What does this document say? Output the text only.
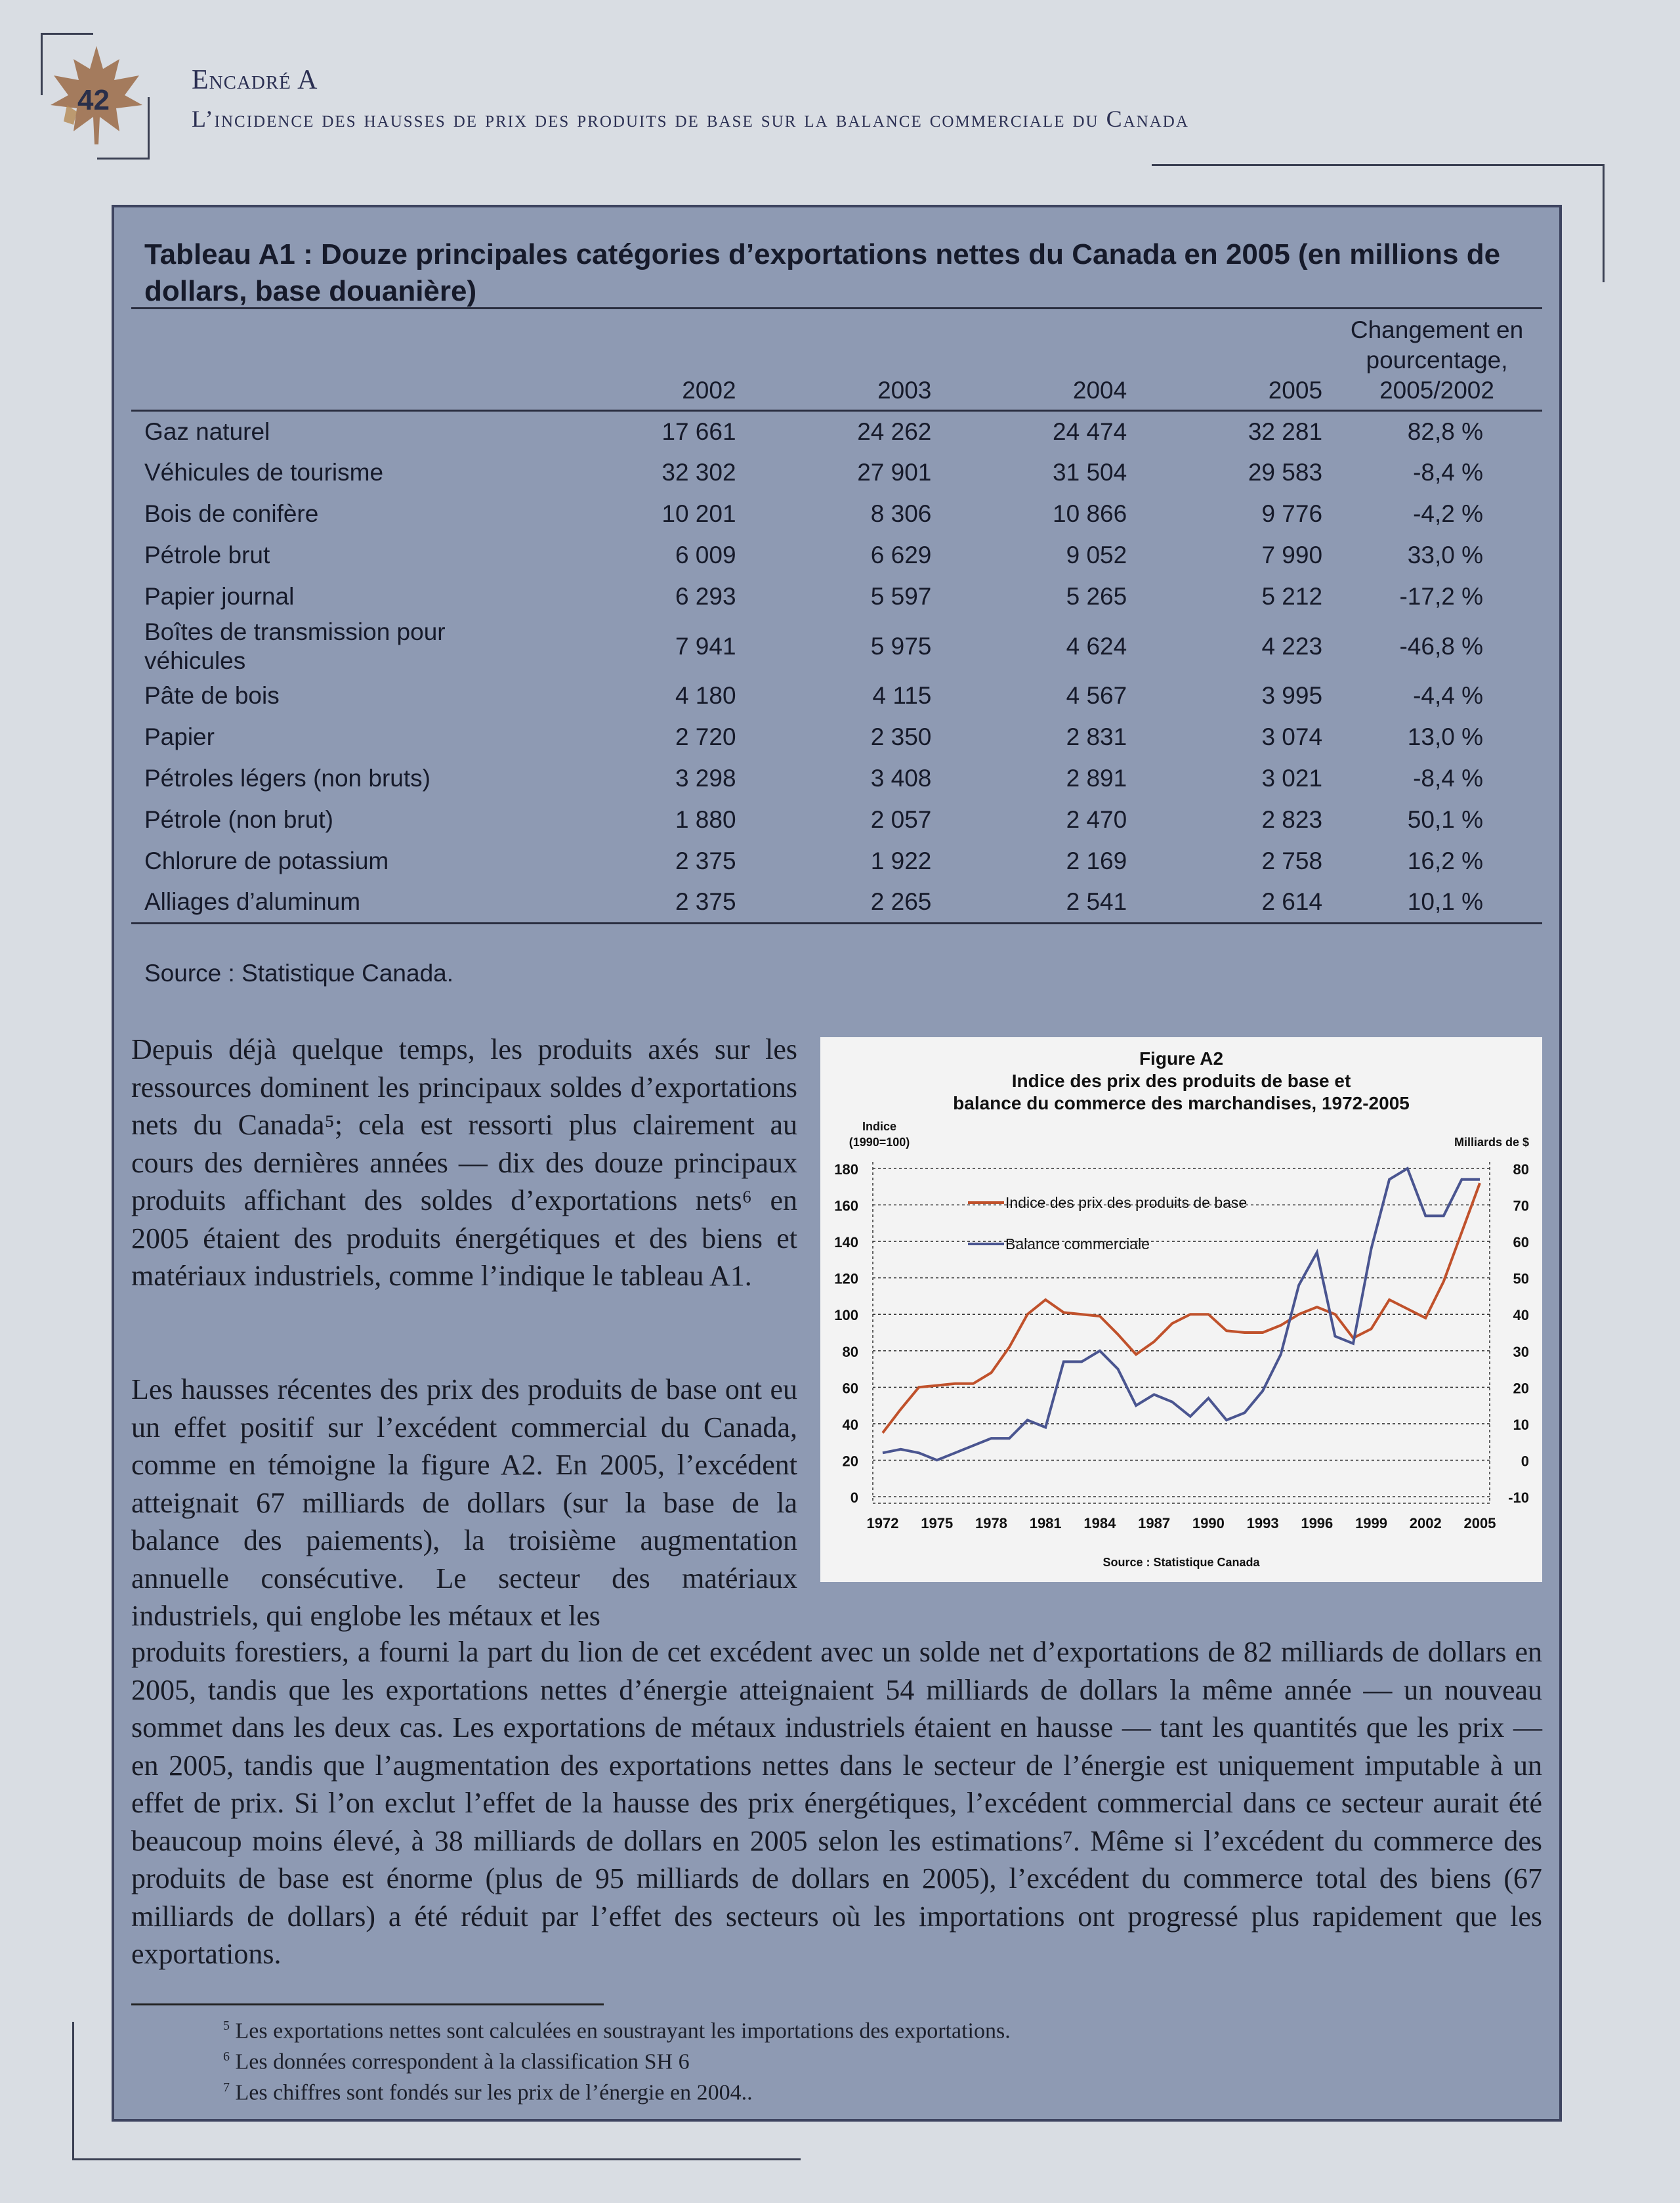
42
Encadré A
L’incidence des hausses de prix des produits de base sur la balance commerciale du Canada
Tableau A1 : Douze principales catégories d’exportations nettes du Canada en 2005 (en millions de dollars, base douanière)
	2002	2003	2004	2005	Changement en pourcentage, 2005/2002
Gaz naturel	17 661	24 262	24 474	32 281	82,8 %
Véhicules de tourisme	32 302	27 901	31 504	29 583	-8,4 %
Bois de conifère	10 201	8 306	10 866	9 776	-4,2 %
Pétrole brut	6 009	6 629	9 052	7 990	33,0 %
Papier journal	6 293	5 597	5 265	5 212	-17,2 %
Boîtes de transmission pour véhicules	7 941	5 975	4 624	4 223	-46,8 %
Pâte de bois	4 180	4 115	4 567	3 995	-4,4 %
Papier	2 720	2 350	2 831	3 074	13,0 %
Pétroles légers (non bruts)	3 298	3 408	2 891	3 021	-8,4 %
Pétrole (non brut)	1 880	2 057	2 470	2 823	50,1 %
Chlorure de potassium	2 375	1 922	2 169	2 758	16,2 %
Alliages d’aluminum	2 375	2 265	2 541	2 614	10,1 %
Source : Statistique Canada.
Depuis déjà quelque temps, les produits axés sur les ressources dominent les principaux soldes d’exportations nets du Canada⁵; cela est ressorti plus clairement au cours des dernières années — dix des douze principaux produits affichant des soldes d’exportations nets⁶ en 2005 étaient des produits énergétiques et des biens et matériaux industriels, comme l’indique le tableau A1.
Les hausses récentes des prix des produits de base ont eu un effet positif sur l’excédent commercial du Canada, comme en témoigne la figure A2. En 2005, l’excédent atteignait 67 milliards de dollars (sur la base de la balance des paiements), la troisième augmentation annuelle consécutive. Le secteur des matériaux industriels, qui englobe les métaux et les
produits forestiers, a fourni la part du lion de cet excédent avec un solde net d’exportations de 82 milliards de dollars en 2005, tandis que les exportations nettes d’énergie atteignaient 54 milliards de dollars la même année — un nouveau sommet dans les deux cas. Les exportations de métaux industriels étaient en hausse — tant les quantités que les prix — en 2005, tandis que l’augmentation des exportations nettes dans le secteur de l’énergie est uniquement imputable à un effet de prix. Si l’on exclut l’effet de la hausse des prix énergétiques, l’excédent commercial dans ce secteur aurait été beaucoup moins élevé, à 38 milliards de dollars en 2005 selon les estimations⁷. Même si l’excédent du commerce des produits de base est énorme (plus de 95 milliards de dollars en 2005), l’excédent du commerce total des biens (67 milliards de dollars) a été réduit par l’effet des secteurs où les importations ont progressé plus rapidement que les exportations.
0
20
40
60
80
100
120
140
160
180
-10
0
10
20
30
40
50
60
70
80
1972 1975 1978 1981 1984 1987 1990 1993 1996 1999 2002 2005
Indice
(1990=100)	Milliards de $
Indice des prix des produits de base
Balance commerciale
Source : Statistique Canada
Figure A2
Indice des prix des produits de base et
balance du commerce des marchandises, 1972-2005
$^5$ Les exportations nettes sont calculées en soustrayant les importations des exportations.
$^6$ Les données correspondent à la classification SH 6
$^7$ Les chiffres sont fondés sur les prix de l’énergie en 2004..
